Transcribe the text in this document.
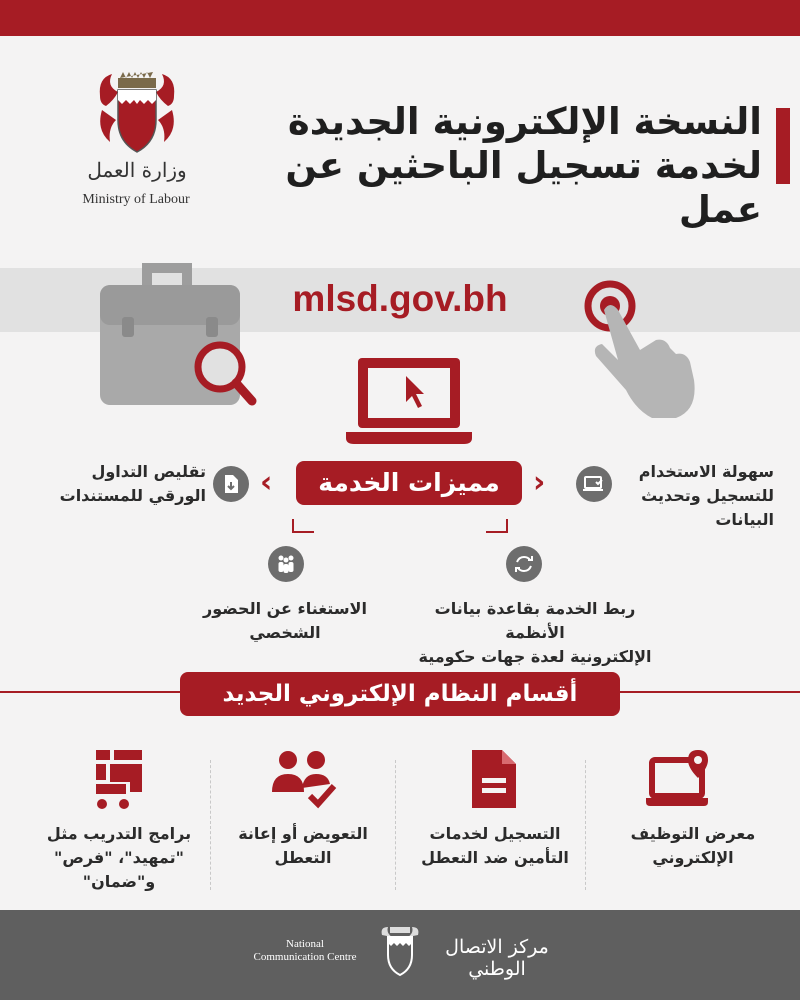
النسخة الإلكترونية الجديدة
لخدمة تسجيل الباحثين عن عمل
وزارة العمل
Ministry of Labour
mlsd.gov.bh
مميزات الخدمة
‹	›	سهولة الاستخدام
للتسجيل وتحديث
البيانات
تقليص التداول
الورقي للمستندات
ربط الخدمة بقاعدة بيانات الأنظمة
الإلكترونية لعدة جهات حكومية
الاستغناء عن الحضور
الشخصي
أقسام النظام الإلكتروني الجديد
معرض التوظيف
الإلكتروني
التسجيل لخدمات
التأمين ضد التعطل
التعويض أو إعانة
التعطل
برامج التدريب مثل
"تمهيد"، "فرص"
و"ضمان"
National
Communication Centre	مركز الاتصال الوطني
